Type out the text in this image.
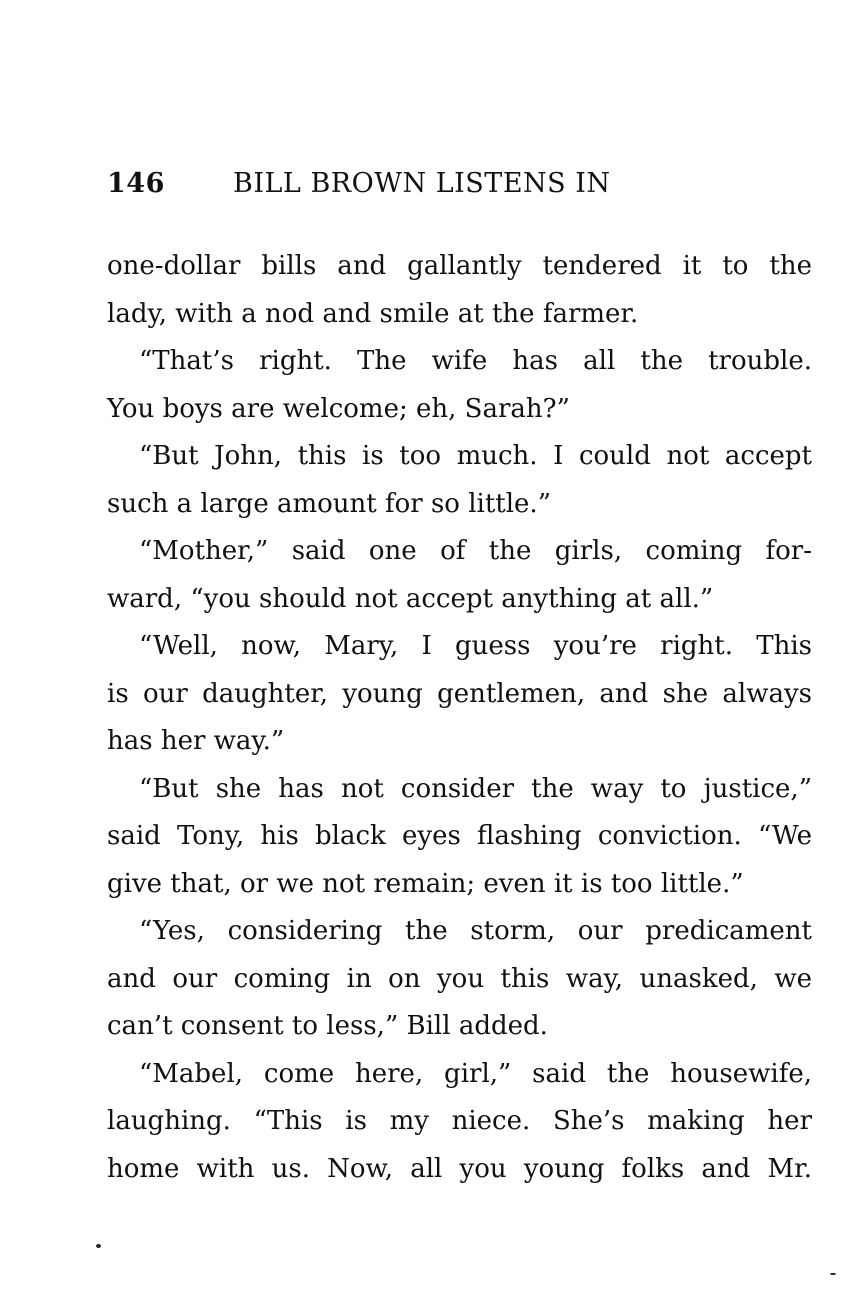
146	BILL BROWN LISTENS IN
one-dollar bills and gallantly tendered it to the
lady, with a nod and smile at the farmer.
“That’s right. The wife has all the trouble.
You boys are welcome; eh, Sarah?”
“But John, this is too much. I could not accept
such a large amount for so little.”
“Mother,” said one of the girls, coming for-
ward, “you should not accept anything at all.”
“Well, now, Mary, I guess you’re right. This
is our daughter, young gentlemen, and she always
has her way.”
“But she has not consider the way to justice,”
said Tony, his black eyes flashing conviction. “We
give that, or we not remain; even it is too little.”
“Yes, considering the storm, our predicament
and our coming in on you this way, unasked, we
can’t consent to less,” Bill added.
“Mabel, come here, girl,” said the housewife,
laughing. “This is my niece. She’s making her
home with us. Now, all you young folks and Mr.
